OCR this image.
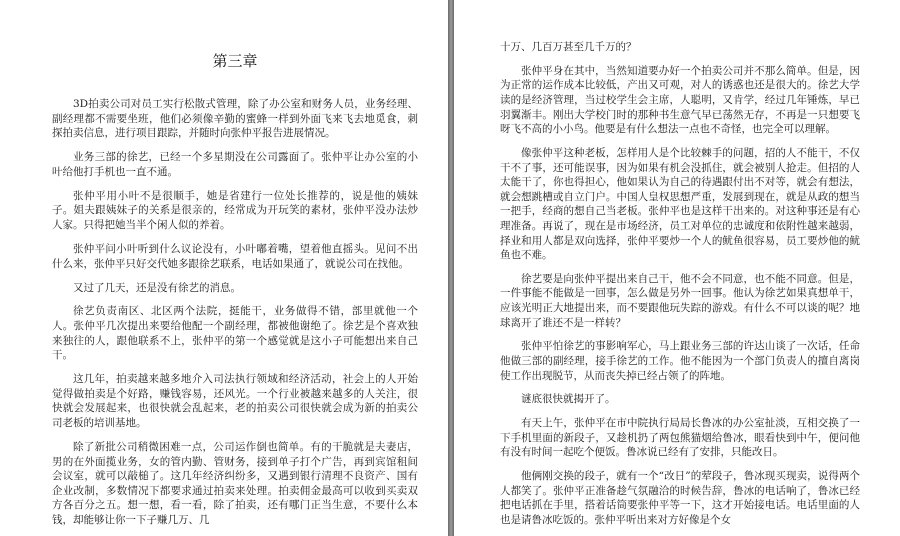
第三章

3D拍卖公司对员工实行松散式管理，除了办公室和财务人员，业务经理、副经理都不需要坐班，他们必须像辛勤的蜜蜂一样到外面飞来飞去地觅食，刺探拍卖信息，进行项目跟踪，并随时向张仲平报告进展情况。

业务三部的徐艺，已经一个多星期没在公司露面了。张仲平让办公室的小叶给他打手机也一直不通。

张仲平用小叶不是很顺手，她是省建行一位处长推荐的，说是他的姨妹子。姐夫跟姨妹子的关系是很亲的，经常成为开玩笑的素材，张仲平没办法炒人家。只得把她当半个闲人似的养着。

张仲平问小叶听到什么议论没有，小叶嘟着嘴，望着他直摇头。见问不出什么来，张仲平只好交代她多跟徐艺联系，电话如果通了，就说公司在找他。

又过了几天，还是没有徐艺的消息。

徐艺负责南区、北区两个法院，挺能干，业务做得不错，部里就他一个人。张仲平几次提出来要给他配一个副经理，都被他谢绝了。徐艺是个喜欢独来独往的人，跟他联系不上，张仲平的第一个感觉就是这小子可能想出来自己干。

这几年，拍卖越来越多地介入司法执行领域和经济活动，社会上的人开始觉得做拍卖是个好路，赚钱容易，还风光。一个行业被越来越多的人关注，很快就会发展起来，也很快就会乱起来，老的拍卖公司很快就会成为新的拍卖公司老板的培训基地。

除了新批公司稍微困难一点，公司运作倒也简单。有的干脆就是夫妻店，男的在外面揽业务，女的管内勤、管财务，接到单子打个广告，再到宾馆租间会议室，就可以敲槌了。这几年经济纠纷多，又遇到银行清理不良资产、国有企业改制，多数情况下都要求通过拍卖来处理。拍卖佣金最高可以收到买卖双方各百分之五。想一想，看一看，除了拍卖，还有哪门正当生意，不要什么本钱，却能够让你一下子赚几万、几

十万、几百万甚至几千万的？

张仲平身在其中，当然知道要办好一个拍卖公司并不那么简单。但是，因为正常的运作成本比较低，产出又可观，对人的诱惑也还是很大的。徐艺大学读的是经济管理，当过校学生会主席，人聪明，又肯学，经过几年锤炼，早已羽翼渐丰。刚出大学校门时的那种书生意气早已荡然无存，不再是一只想要飞呀飞不高的小小鸟。他要是有什么想法一点也不奇怪，也完全可以理解。

像张仲平这种老板，怎样用人是个比较棘手的问题，招的人不能干，不仅干不了事，还可能误事，因为如果有机会没抓住，就会被别人抢走。但招的人太能干了，你也得担心，他如果认为自己的待遇跟付出不对等，就会有想法，就会想跳槽或自立门户。中国人皇权思想严重，发展到现在，就是从政的想当一把手，经商的想自己当老板。张仲平也是这样干出来的。对这种事还是有心理准备。再说了，现在是市场经济，员工对单位的忠诚度和依附性越来越弱，择业和用人都是双向选择，张仲平要炒一个人的鱿鱼很容易，员工要炒他的鱿鱼也不难。

徐艺要是向张仲平提出来自己干，他不会不同意，也不能不同意。但是，一件事能不能做是一回事，怎么做是另外一回事。他认为徐艺如果真想单干，应该光明正大地提出来，而不要跟他玩失踪的游戏。有什么不可以谈的呢？地球离开了谁还不是一样转？

张仲平怕徐艺的事影响军心，马上跟业务三部的许达山谈了一次话，任命他做三部的副经理，接手徐艺的工作。他不能因为一个部门负责人的擅自离岗使工作出现脱节，从而丧失掉已经占领了的阵地。

谜底很快就揭开了。

有天上午，张仲平在市中院执行局局长鲁冰的办公室扯淡，互相交换了一下手机里面的新段子，又趁机扔了两包熊猫烟给鲁冰，眼看快到中午，便问他有没有时间一起吃个便饭。鲁冰说已经有了安排，只能改日。

他俩刚交换的段子，就有一个“改日”的荤段子，鲁冰现买现卖，说得两个人都笑了。张仲平正准备趁气氛融洽的时候告辞，鲁冰的电话响了，鲁冰已经把电话抓在手里，搭着话筒要张仲平等一下，这才开始接电话。电话里面的人也是请鲁冰吃饭的。张仲平听出来对方好像是个女
